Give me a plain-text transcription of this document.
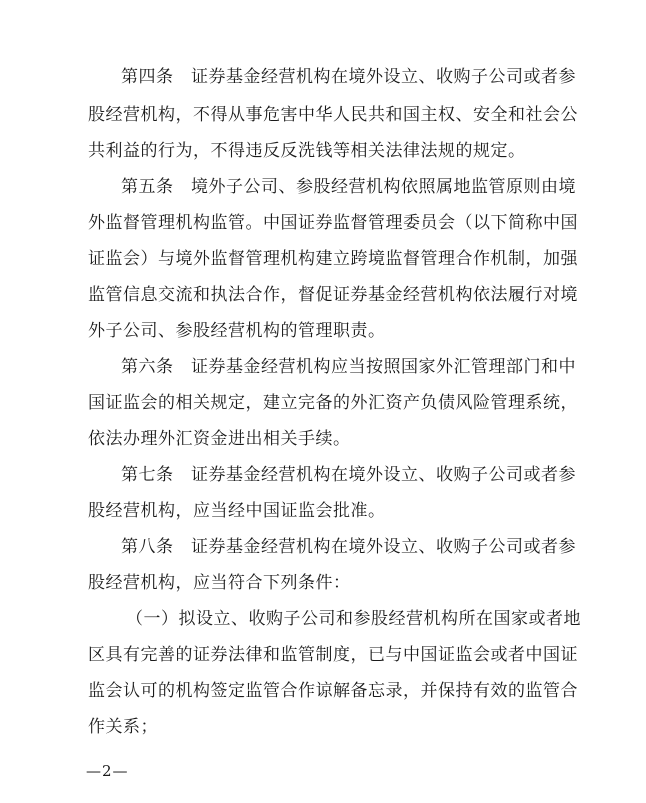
第四条　证券基金经营机构在境外设立、收购子公司或者参
股经营机构，不得从事危害中华人民共和国主权、安全和社会公
共利益的行为，不得违反反洗钱等相关法律法规的规定。
第五条　境外子公司、参股经营机构依照属地监管原则由境
外监督管理机构监管。中国证券监督管理委员会（以下简称中国
证监会）与境外监督管理机构建立跨境监督管理合作机制，加强
监管信息交流和执法合作，督促证券基金经营机构依法履行对境
外子公司、参股经营机构的管理职责。
第六条　证券基金经营机构应当按照国家外汇管理部门和中
国证监会的相关规定，建立完备的外汇资产负债风险管理系统，
依法办理外汇资金进出相关手续。
第七条　证券基金经营机构在境外设立、收购子公司或者参
股经营机构，应当经中国证监会批准。
第八条　证券基金经营机构在境外设立、收购子公司或者参
股经营机构，应当符合下列条件：
（一）拟设立、收购子公司和参股经营机构所在国家或者地
区具有完善的证券法律和监管制度，已与中国证监会或者中国证
监会认可的机构签定监管合作谅解备忘录，并保持有效的监管合
作关系；
—2—
